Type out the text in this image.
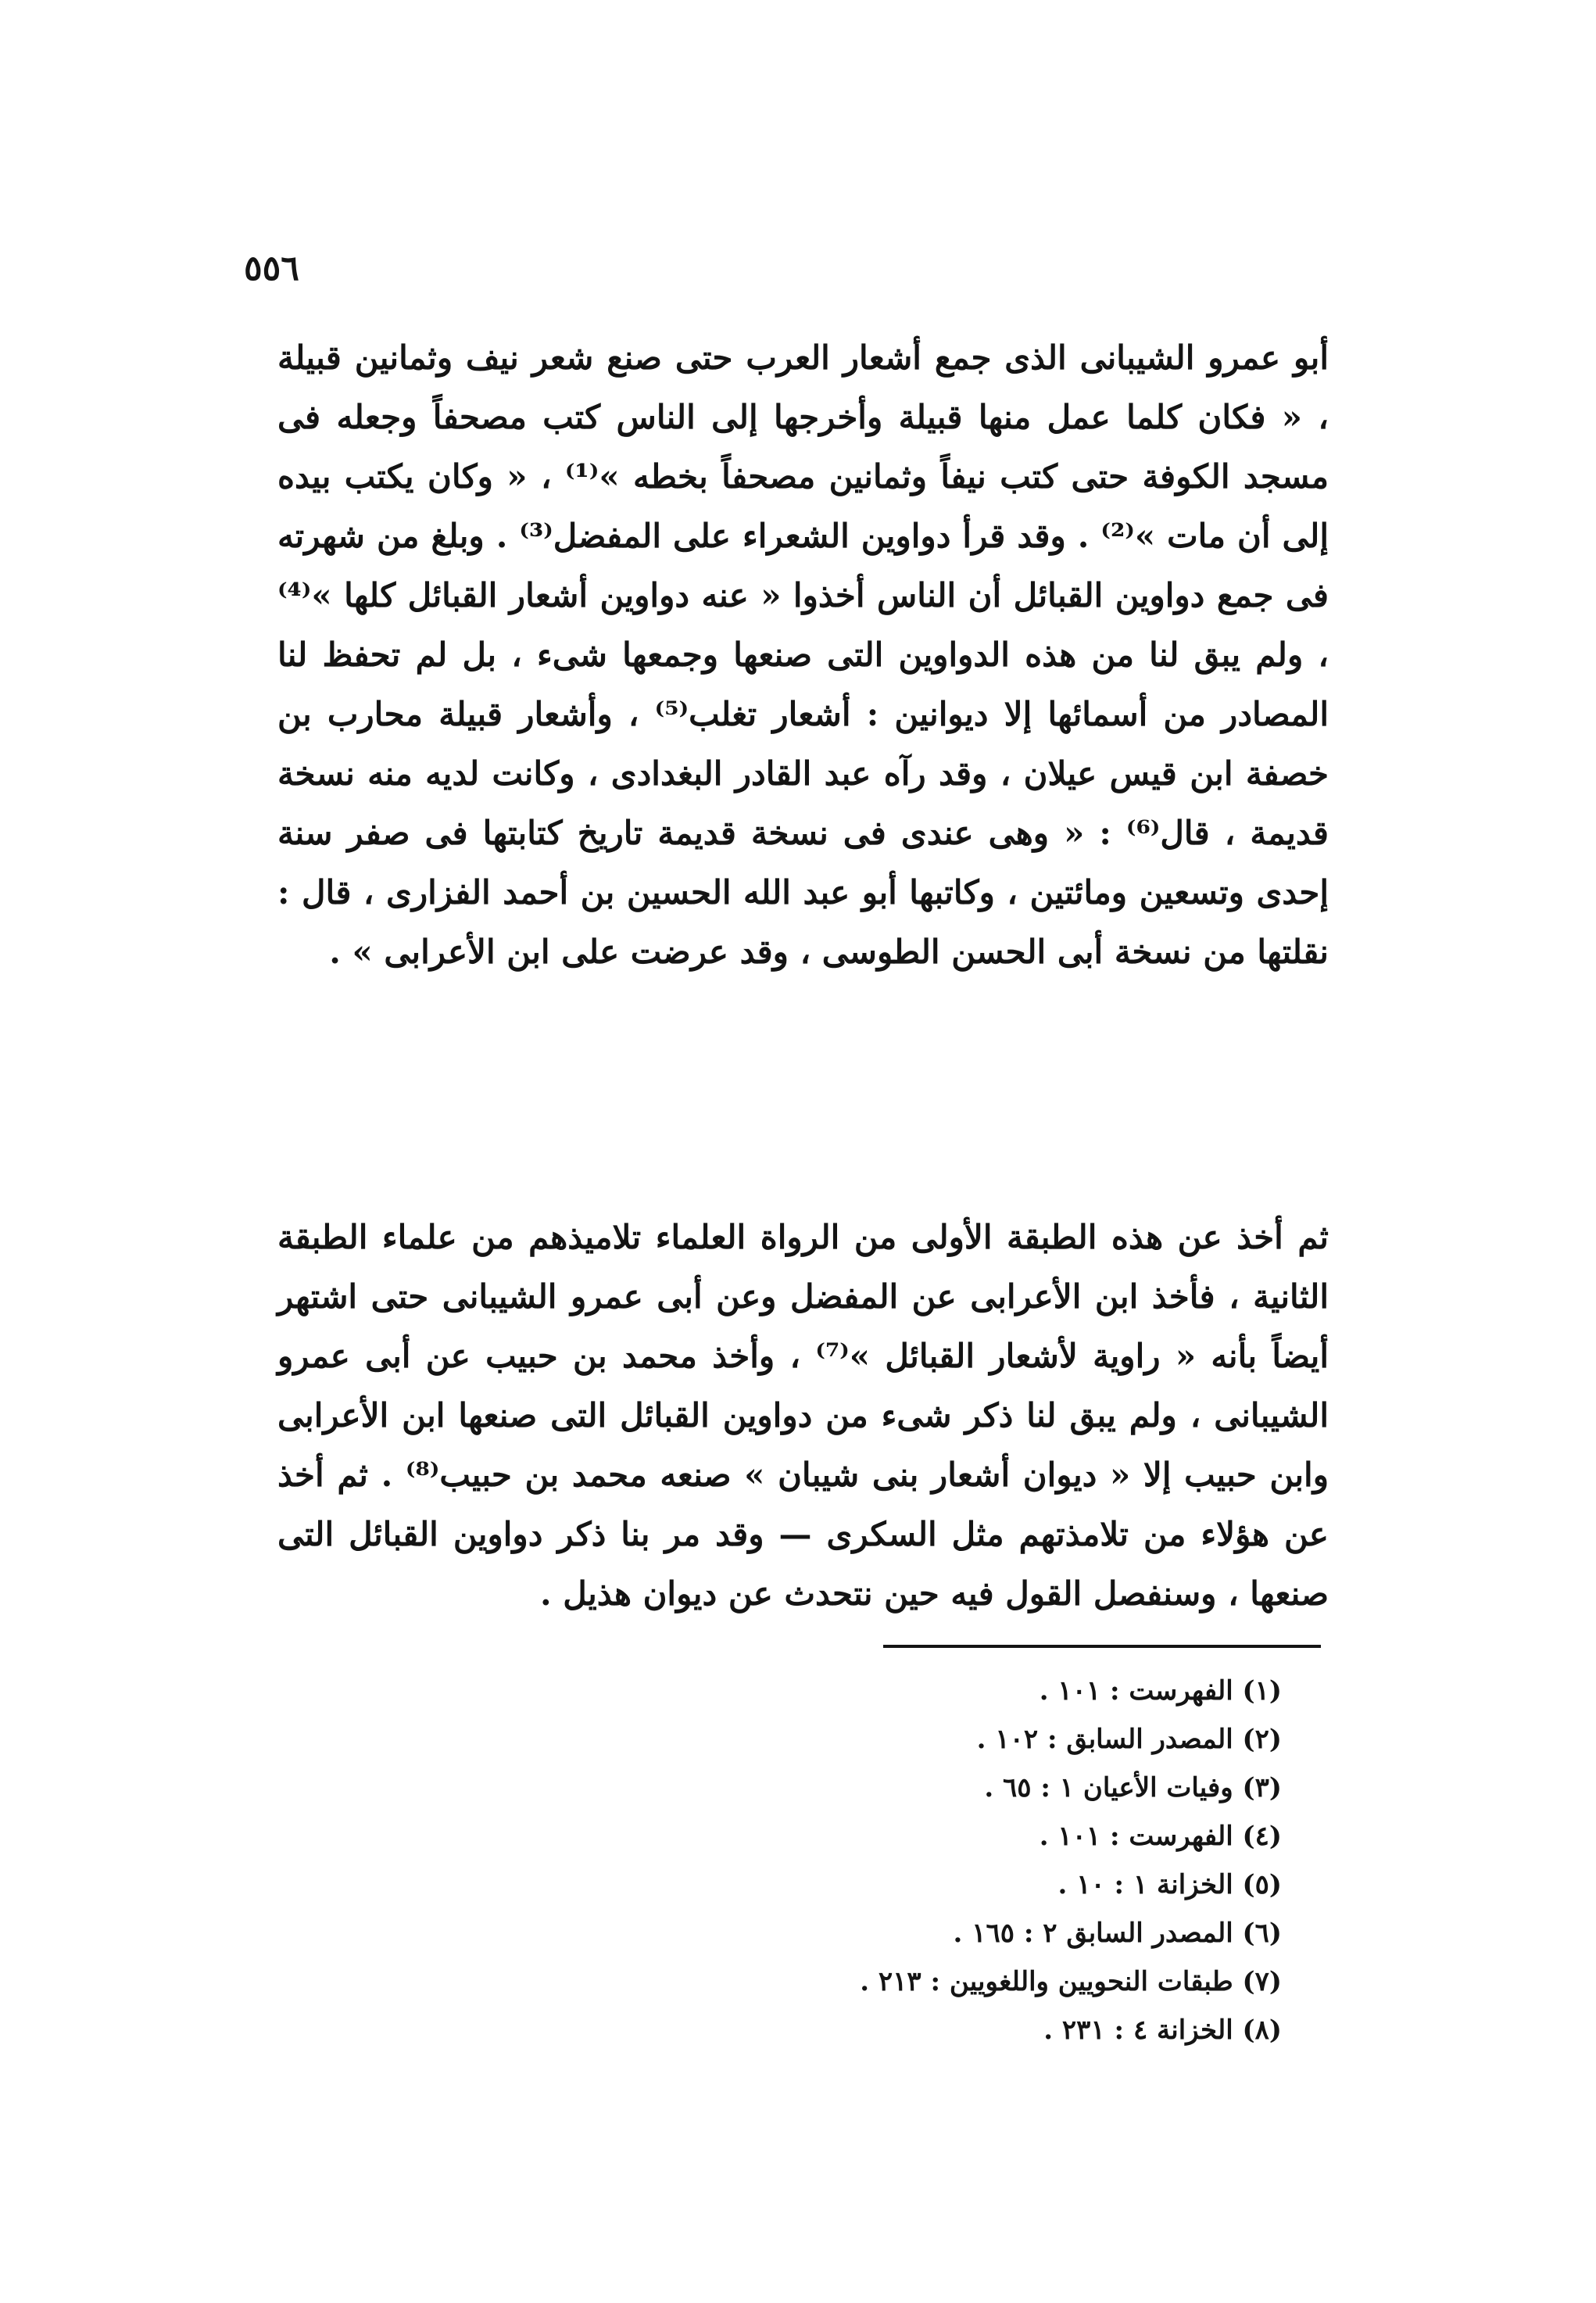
٥٥٦

أبو عمرو الشيبانى الذى جمع أشعار العرب حتى صنع شعر نيف وثمانين قبيلة ، « فكان كلما عمل منها قبيلة وأخرجها إلى الناس كتب مصحفاً وجعله فى مسجد الكوفة حتى كتب نيفاً وثمانين مصحفاً بخطه »⁽¹⁾ ، « وكان يكتب بيده إلى أن مات »⁽²⁾ . وقد قرأ دواوين الشعراء على المفضل⁽³⁾ . وبلغ من شهرته فى جمع دواوين القبائل أن الناس أخذوا « عنه دواوين أشعار القبائل كلها »⁽⁴⁾ ، ولم يبق لنا من هذه الدواوين التى صنعها وجمعها شىء ، بل لم تحفظ لنا المصادر من أسمائها إلا ديوانين : أشعار تغلب⁽⁵⁾ ، وأشعار قبيلة محارب بن خصفة ابن قيس عيلان ، وقد رآه عبد القادر البغدادى ، وكانت لديه منه نسخة قديمة ، قال⁽⁶⁾ : « وهى عندى فى نسخة قديمة تاريخ كتابتها فى صفر سنة إحدى وتسعين ومائتين ، وكاتبها أبو عبد الله الحسين بن أحمد الفزارى ، قال : نقلتها من نسخة أبى الحسن الطوسى ، وقد عرضت على ابن الأعرابى » .

ثم أخذ عن هذه الطبقة الأولى من الرواة العلماء تلاميذهم من علماء الطبقة الثانية ، فأخذ ابن الأعرابى عن المفضل وعن أبى عمرو الشيبانى حتى اشتهر أيضاً بأنه « راوية لأشعار القبائل »⁽⁷⁾ ، وأخذ محمد بن حبيب عن أبى عمرو الشيبانى ، ولم يبق لنا ذكر شىء من دواوين القبائل التى صنعها ابن الأعرابى وابن حبيب إلا « ديوان أشعار بنى شيبان » صنعه محمد بن حبيب⁽⁸⁾ . ثم أخذ عن هؤلاء من تلامذتهم مثل السكرى — وقد مر بنا ذكر دواوين القبائل التى صنعها ، وسنفصل القول فيه حين نتحدث عن ديوان هذيل .

(١) الفهرست : ١٠١ .
(٢) المصدر السابق : ١٠٢ .
(٣) وفيات الأعيان ١ : ٦٥ .
(٤) الفهرست : ١٠١ .
(٥) الخزانة ١ : ١٠ .
(٦) المصدر السابق ٢ : ١٦٥ .
(٧) طبقات النحويين واللغويين : ٢١٣ .
(٨) الخزانة ٤ : ٢٣١ .
